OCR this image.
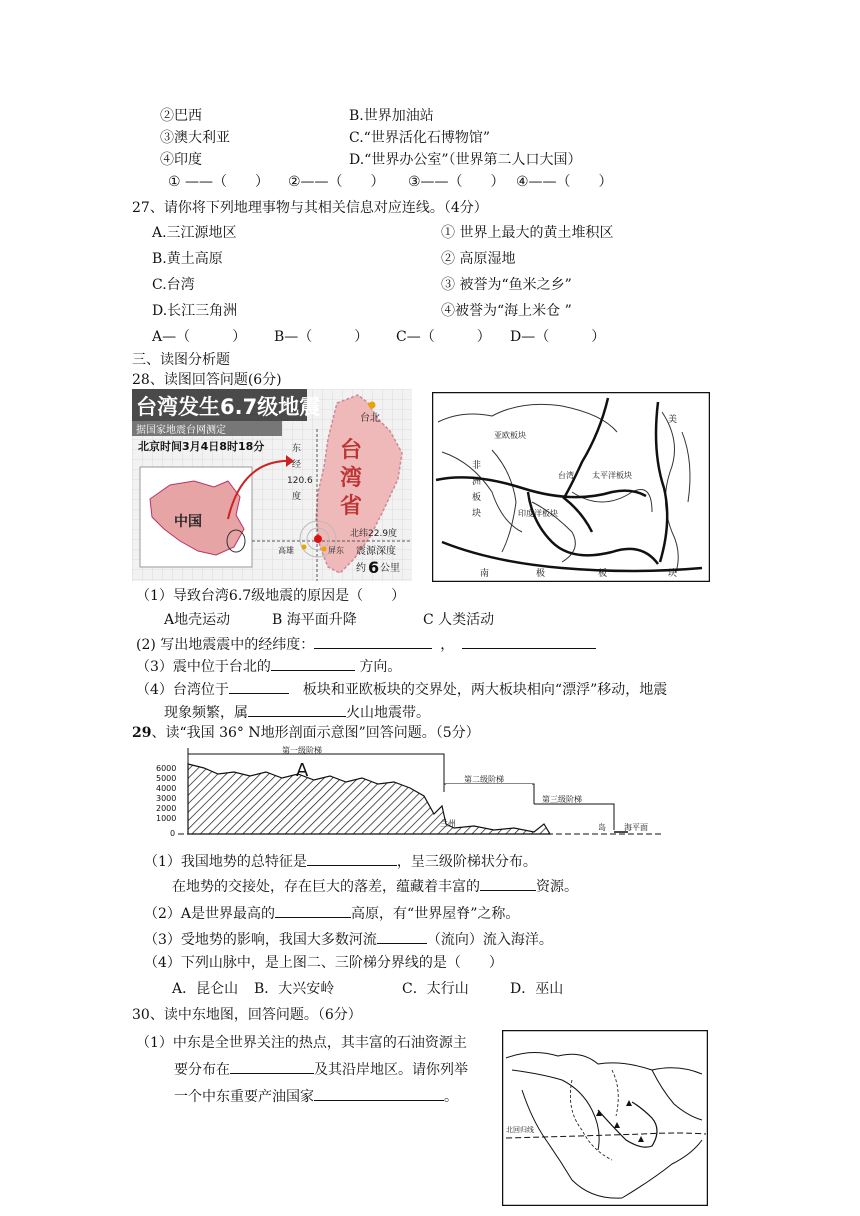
②巴西	B.世界加油站
③澳大利亚	C.“世界活化石博物馆”
④印度	D.“世界办公室”（世界第二人口大国）
① ——（　　） ②——（　　） ③——（　　） ④——（　　）
27、请你将下列地理事物与其相关信息对应连线。（4分）
A.三江源地区	① 世界上最大的黄土堆积区
B.黄土高原	② 高原湿地
C.台湾	③ 被誉为“鱼米之乡”
D.长江三角洲	④被誉为“海上米仓 ”
A—（　　　） B—（　　　） C—（　　　） D—（　　　）
三、读图分析题
28、读图回答问题(6分)
台湾发生6.7级地震
据国家地震台网测定
北京时间3月4日8时18分
中国
台北
台
湾
省
东
经
120.6
度
北纬22.9度
震源深度
约 6 公里
高雄	屏东
亚欧板块
美
台湾 太平洋板块
非
洲
板
块	印度洋板块
南	极	板	块
（1）导致台湾6.7级地震的原因是（　　）
A地壳运动	B 海平面升降	C 人类活动
(2) 写出地震震中的经纬度：	，
（3）震中位于台北的	方向。
（4）台湾位于	　板块和亚欧板块的交界处，两大板块相向“漂浮”移动，地震
现象频繁，属	火山地震带。
29、读“我国 36° N地形剖面示意图”回答问题。（5分）
6000
5000
4000
3000
2000
1000
0
第一级阶梯
第二级阶梯
第三级阶梯
A
兰州	岛 海平面
（1）我国地势的总特征是	，呈三级阶梯状分布。
在地势的交接处，存在巨大的落差，蕴藏着丰富的	资源。
（2）A是世界最高的	高原，有“世界屋脊”之称。
（3）受地势的影响，我国大多数河流	（流向）流入海洋。
（4）下列山脉中，是上图二、三阶梯分界线的是（　　）
A．昆仑山 B．大兴安岭	C．太行山	D．巫山
30、读中东地图，回答问题。（6分）
（1）中东是全世界关注的热点，其丰富的石油资源主
要分布在	及其沿岸地区。请你列举
一个中东重要产油国家	。
北回归线
